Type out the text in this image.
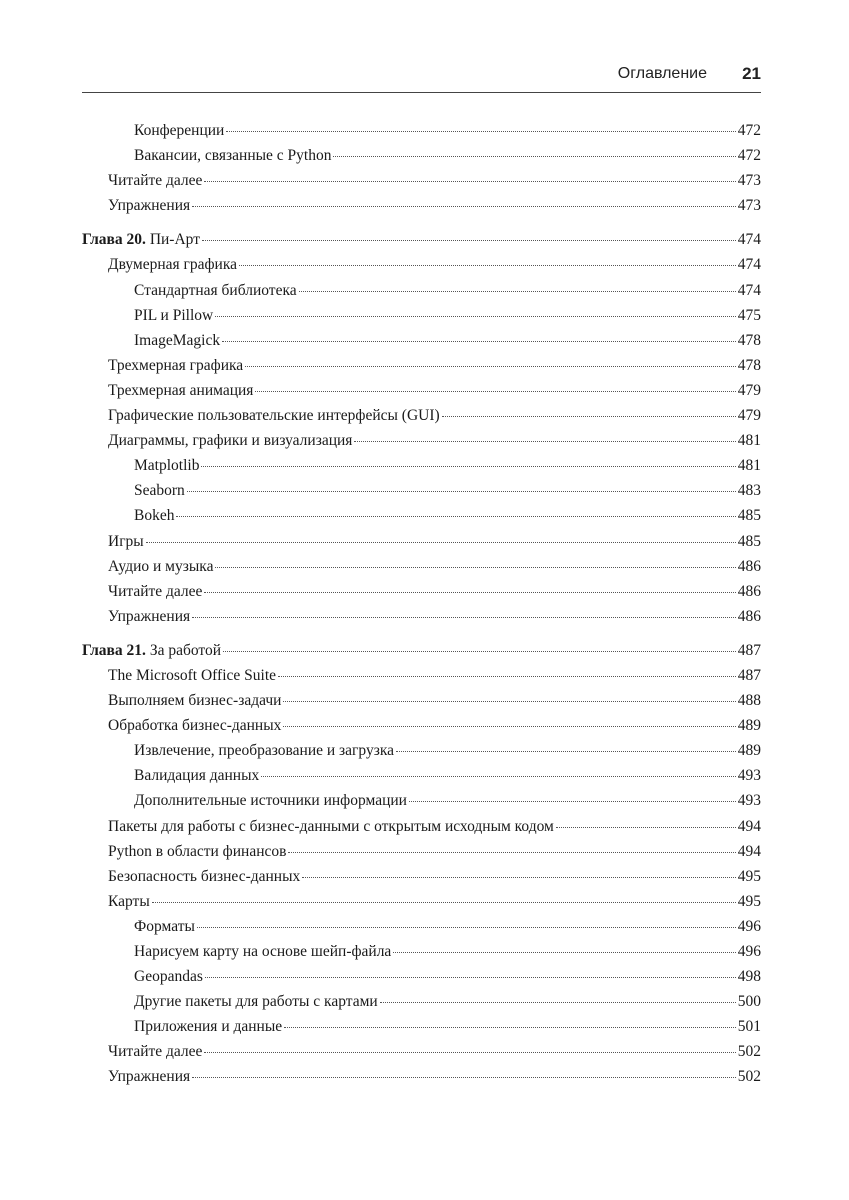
Оглавление 21
Конференции	472
Вакансии, связанные с Python	472
Читайте далее	473
Упражнения	473
Глава 20. Пи-Арт	474
Двумерная графика	474
Стандартная библиотека	474
PIL и Pillow	475
ImageMagick	478
Трехмерная графика	478
Трехмерная анимация	479
Графические пользовательские интерфейсы (GUI)	479
Диаграммы, графики и визуализация	481
Matplotlib	481
Seaborn	483
Bokeh	485
Игры	485
Аудио и музыка	486
Читайте далее	486
Упражнения	486
Глава 21. За работой	487
The Microsoft Office Suite	487
Выполняем бизнес-задачи	488
Обработка бизнес-данных	489
Извлечение, преобразование и загрузка	489
Валидация данных	493
Дополнительные источники информации	493
Пакеты для работы с бизнес-данными с открытым исходным кодом	494
Python в области финансов	494
Безопасность бизнес-данных	495
Карты	495
Форматы	496
Нарисуем карту на основе шейп-файла	496
Geopandas	498
Другие пакеты для работы с картами	500
Приложения и данные	501
Читайте далее	502
Упражнения	502
